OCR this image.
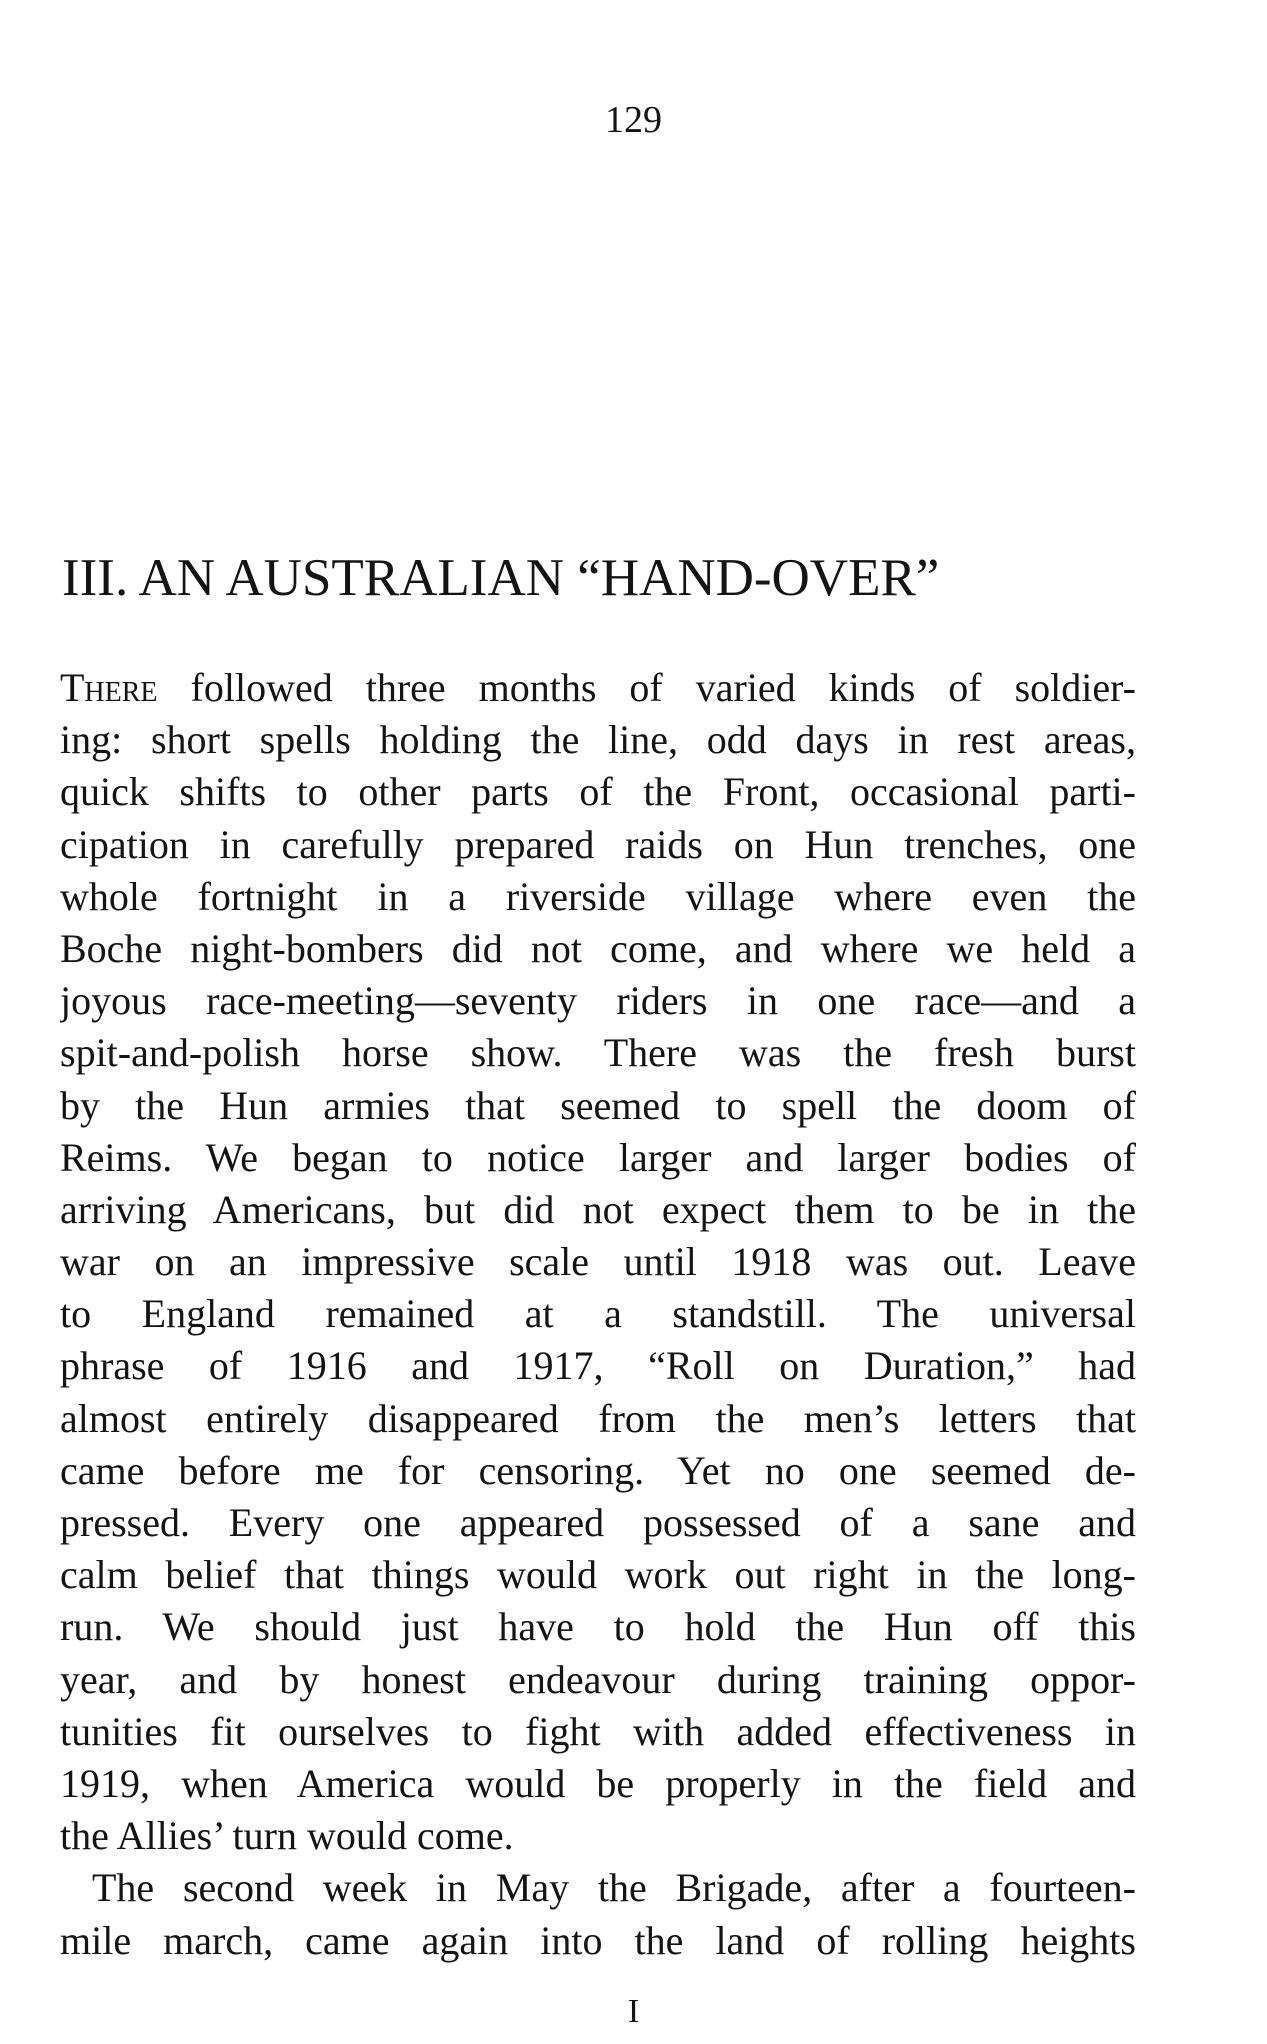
129
III. AN AUSTRALIAN “HAND-OVER”
There followed three months of varied kinds of soldier-
ing: short spells holding the line, odd days in rest areas,
quick shifts to other parts of the Front, occasional parti-
cipation in carefully prepared raids on Hun trenches, one
whole fortnight in a riverside village where even the
Boche night-bombers did not come, and where we held a
joyous race-meeting—seventy riders in one race—and a
spit-and-polish horse show. There was the fresh burst
by the Hun armies that seemed to spell the doom of
Reims. We began to notice larger and larger bodies of
arriving Americans, but did not expect them to be in the
war on an impressive scale until 1918 was out. Leave
to England remained at a standstill. The universal
phrase of 1916 and 1917, “Roll on Duration,” had
almost entirely disappeared from the men’s letters that
came before me for censoring. Yet no one seemed de-
pressed. Every one appeared possessed of a sane and
calm belief that things would work out right in the long-
run. We should just have to hold the Hun off this
year, and by honest endeavour during training oppor-
tunities fit ourselves to fight with added effectiveness in
1919, when America would be properly in the field and
the Allies’ turn would come.
The second week in May the Brigade, after a fourteen-
mile march, came again into the land of rolling heights
I
